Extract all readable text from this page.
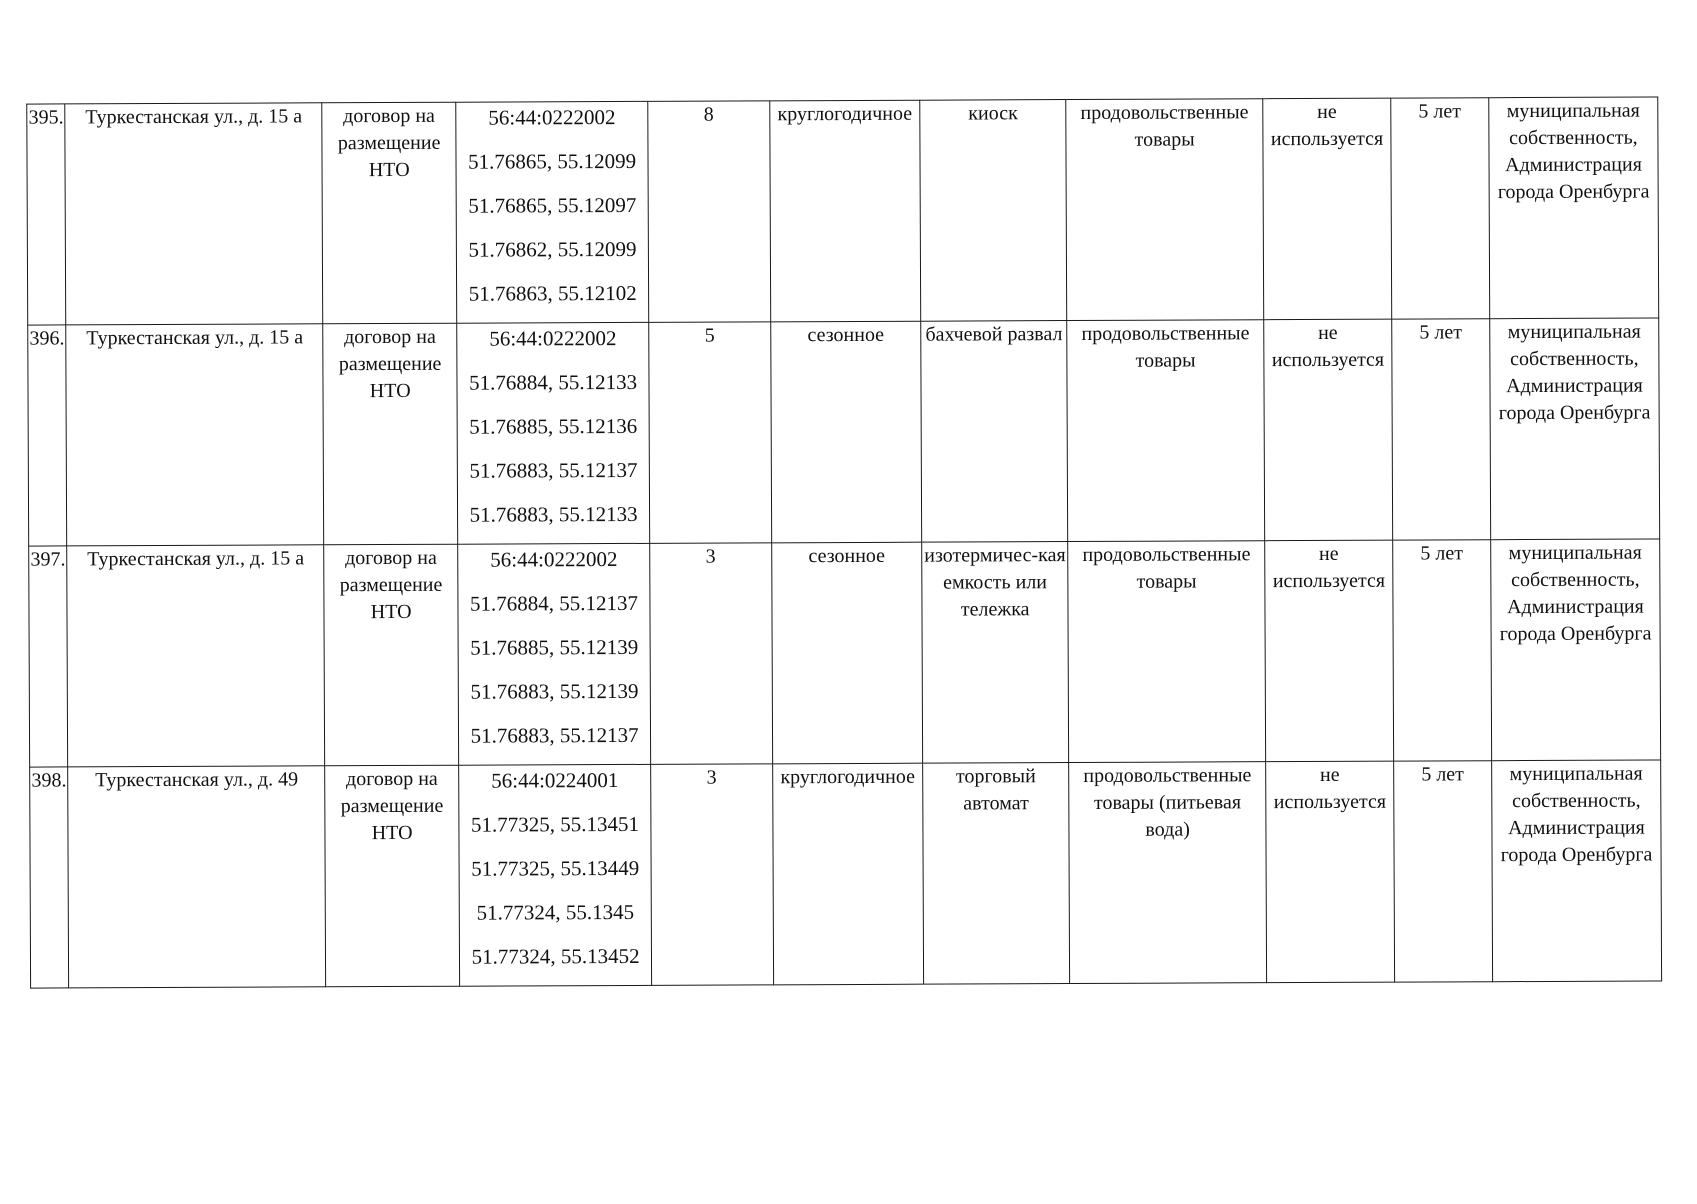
395.	Туркестанская ул., д. 15 а	договор на размещение НТО	56:44:0222002
51.76865, 55.12099
51.76865, 55.12097
51.76862, 55.12099
51.76863, 55.12102	8	круглогодичное	киоск	продовольственные товары	не используется	5 лет	муниципальная собственность, Администрация города Оренбурга
396.	Туркестанская ул., д. 15 а	договор на размещение НТО	56:44:0222002
51.76884, 55.12133
51.76885, 55.12136
51.76883, 55.12137
51.76883, 55.12133	5	сезонное	бахчевой развал	продовольственные товары	не используется	5 лет	муниципальная собственность, Администрация города Оренбурга
397.	Туркестанская ул., д. 15 а	договор на размещение НТО	56:44:0222002
51.76884, 55.12137
51.76885, 55.12139
51.76883, 55.12139
51.76883, 55.12137	3	сезонное	изотермичес-кая емкость или тележка	продовольственные товары	не используется	5 лет	муниципальная собственность, Администрация города Оренбурга
398.	Туркестанская ул., д. 49	договор на размещение НТО	56:44:0224001
51.77325, 55.13451
51.77325, 55.13449
51.77324, 55.1345
51.77324, 55.13452	3	круглогодичное	торговый автомат	продовольственные товары (питьевая вода)	не используется	5 лет	муниципальная собственность, Администрация города Оренбурга
